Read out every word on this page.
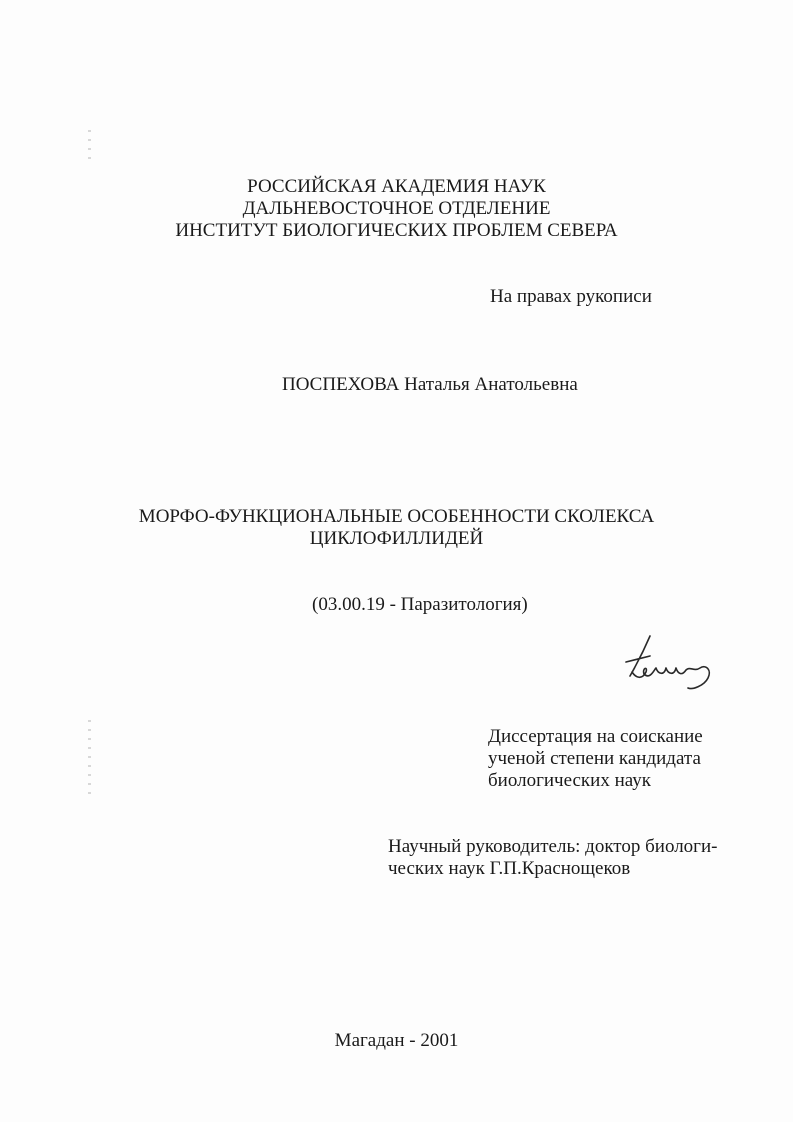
РОССИЙСКАЯ АКАДЕМИЯ НАУК
ДАЛЬНЕВОСТОЧНОЕ ОТДЕЛЕНИЕ
ИНСТИТУТ БИОЛОГИЧЕСКИХ ПРОБЛЕМ СЕВЕРА
На правах рукописи
ПОСПЕХОВА Наталья Анатольевна
МОРФО-ФУНКЦИОНАЛЬНЫЕ ОСОБЕННОСТИ СКОЛЕКСА
ЦИКЛОФИЛЛИДЕЙ
(03.00.19 - Паразитология)
Диссертация на соискание
ученой степени кандидата
биологических наук
Научный руководитель: доктор биологи-
ческих наук Г.П.Краснощеков
Магадан - 2001
